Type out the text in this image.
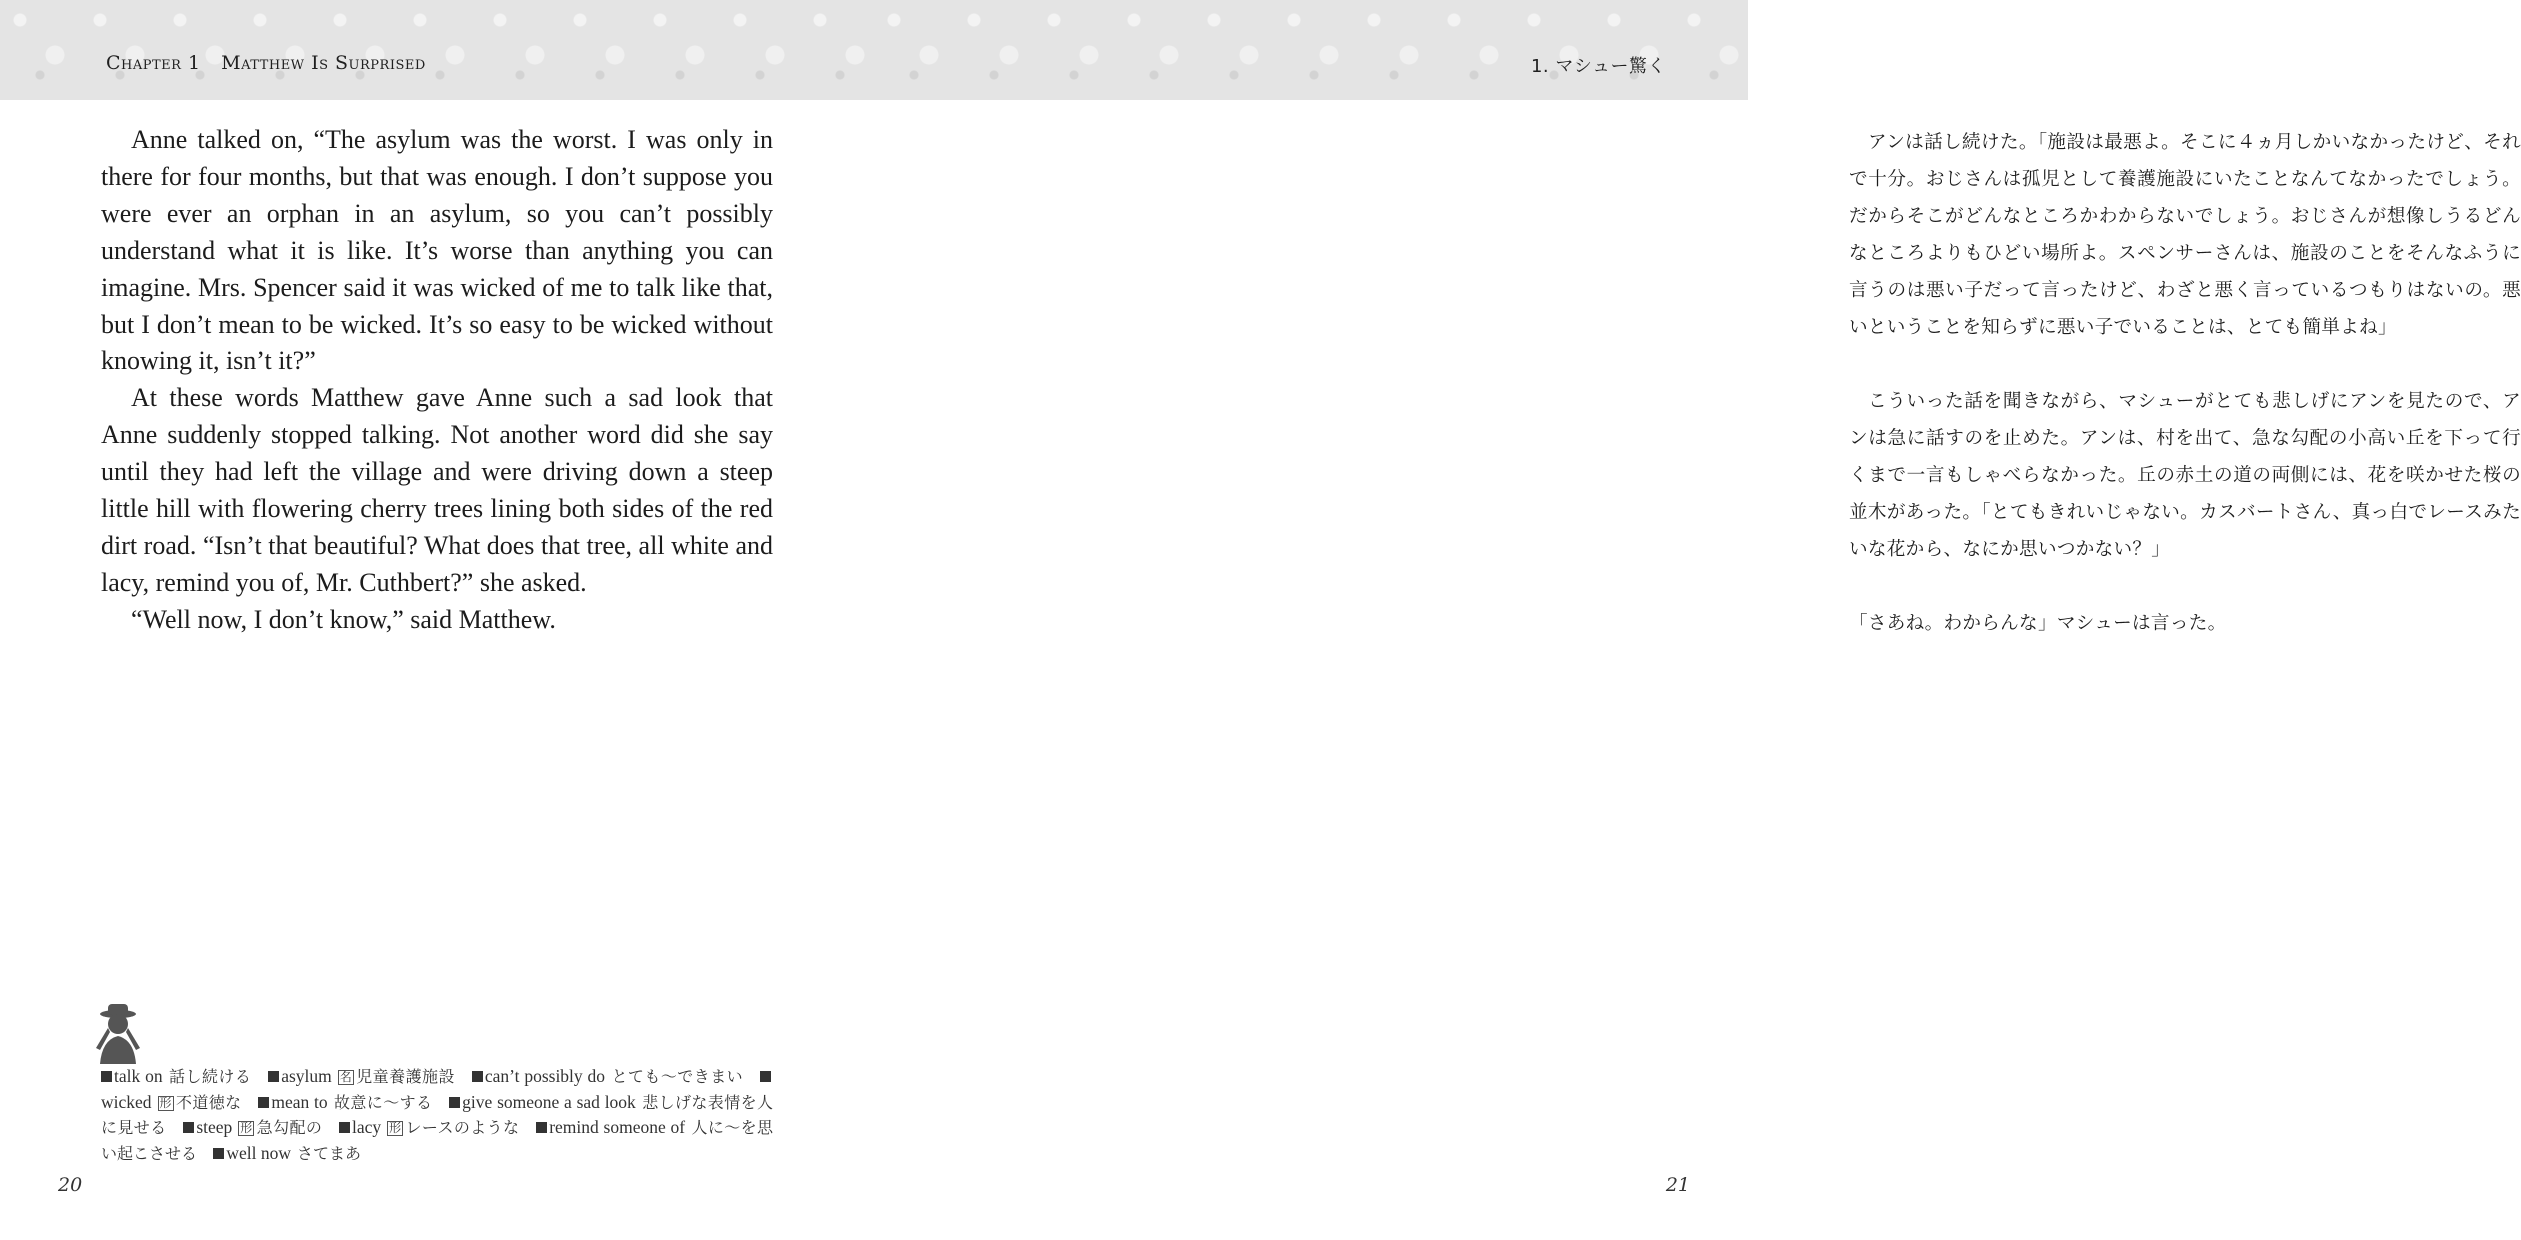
Chapter 1 Matthew Is Surprised

Anne talked on, “The asylum was the worst. I was only in there for four months, but that was enough. I don’t suppose you were ever an orphan in an asylum, so you can’t possibly understand what it is like. It’s worse than anything you can imagine. Mrs. Spencer said it was wicked of me to talk like that, but I don’t mean to be wicked. It’s so easy to be wicked without knowing it, isn’t it?”

At these words Matthew gave Anne such a sad look that Anne suddenly stopped talking. Not another word did she say until they had left the village and were driving down a steep little hill with flowering cherry trees lining both sides of the red dirt road. “Isn’t that beautiful? What does that tree, all white and lacy, remind you of, Mr. Cuthbert?” she asked.

“Well now, I don’t know,” said Matthew.

talk on 話し続ける asylum 名 児童養護施設 can’t possibly do とても～できまい wicked 形 不道徳な mean to 故意に～する give someone a sad look 悲しげな表情を人に見せる steep 形 急勾配の lacy 形 レースのような remind someone of 人に～を思い起こさせる well now さてまあ
20
1. マシュー驚く

アンは話し続けた。「施設は最悪よ。そこに４ヵ月しかいなかったけど、それで十分。おじさんは孤児として養護施設にいたことなんてなかったでしょう。だからそこがどんなところかわからないでしょう。おじさんが想像しうるどんなところよりもひどい場所よ。スペンサーさんは、施設のことをそんなふうに言うのは悪い子だって言ったけど、わざと悪く言っているつもりはないの。悪いということを知らずに悪い子でいることは、とても簡単よね」

こういった話を聞きながら、マシューがとても悲しげにアンを見たので、アンは急に話すのを止めた。アンは、村を出て、急な勾配の小高い丘を下って行くまで一言もしゃべらなかった。丘の赤土の道の両側には、花を咲かせた桜の並木があった。「とてもきれいじゃない。カスバートさん、真っ白でレースみたいな花から、なにか思いつかない？」

「さあね。わからんな」マシューは言った。

21
